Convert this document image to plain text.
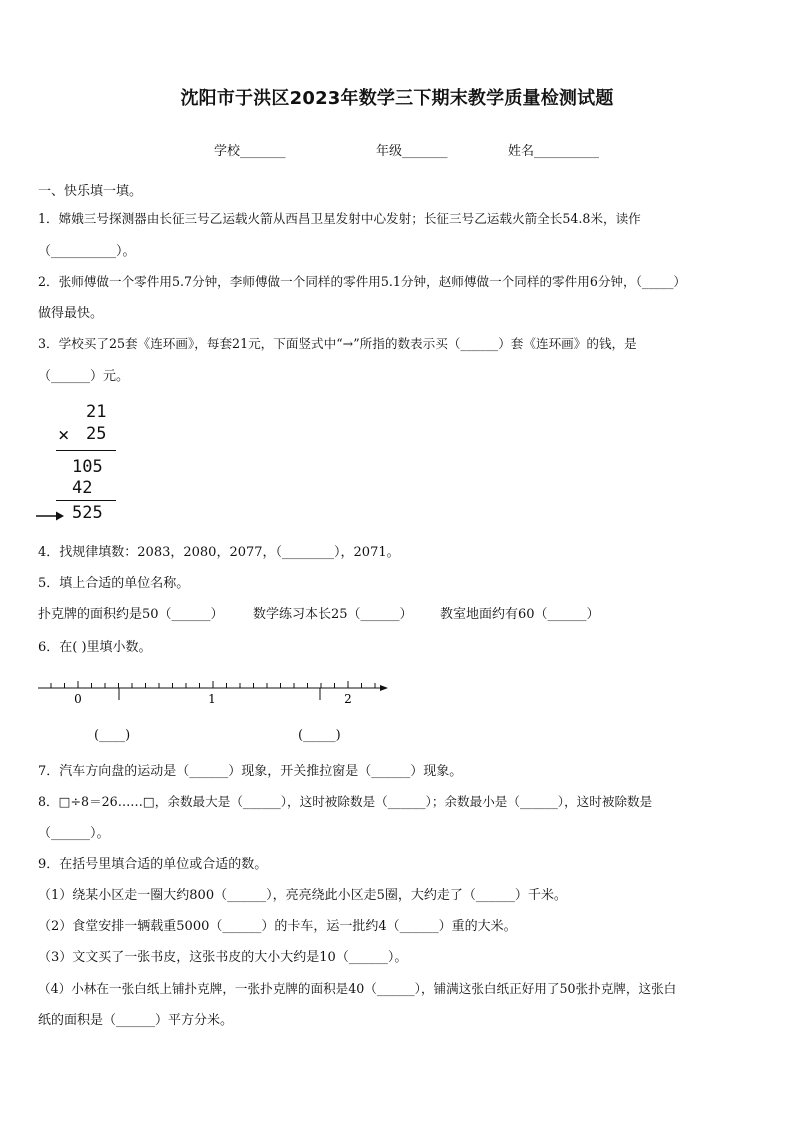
沈阳市于洪区2023年数学三下期末教学质量检测试题
学校_______	年级_______	姓名__________
一、快乐填一填。
1．嫦娥三号探测器由长征三号乙运载火箭从西昌卫星发射中心发射；长征三号乙运载火箭全长54.8米，读作
（__________）。
2．张师傅做一个零件用5.7分钟，李师傅做一个同样的零件用5.1分钟，赵师傅做一个同样的零件用6分钟，（_____）
做得最快。
3．学校买了25套《连环画》，每套21元，下面竖式中“→”所指的数表示买（______）套《连环画》的钱，是
（______）元。
21
× 25
105
42
525
4．找规律填数：2083，2080，2077，（________），2071。
5．填上合适的单位名称。
扑克牌的面积约是50（______） 数学练习本长25（______） 教室地面约有60（______）
6．在( )里填小数。
0	1	2
(____)	(_____)
7．汽车方向盘的运动是（______）现象，开关推拉窗是（______）现象。
8．□÷8＝26……□，余数最大是（______），这时被除数是（______）；余数最小是（______），这时被除数是
（______）。
9．在括号里填合适的单位或合适的数。
（1）绕某小区走一圈大约800（______），亮亮绕此小区走5圈，大约走了（______）千米。
（2）食堂安排一辆载重5000（______）的卡车，运一批约4（______）重的大米。
（3）文文买了一张书皮，这张书皮的大小大约是10（______）。
（4）小林在一张白纸上铺扑克牌，一张扑克牌的面积是40（______），铺满这张白纸正好用了50张扑克牌，这张白
纸的面积是（______）平方分米。
